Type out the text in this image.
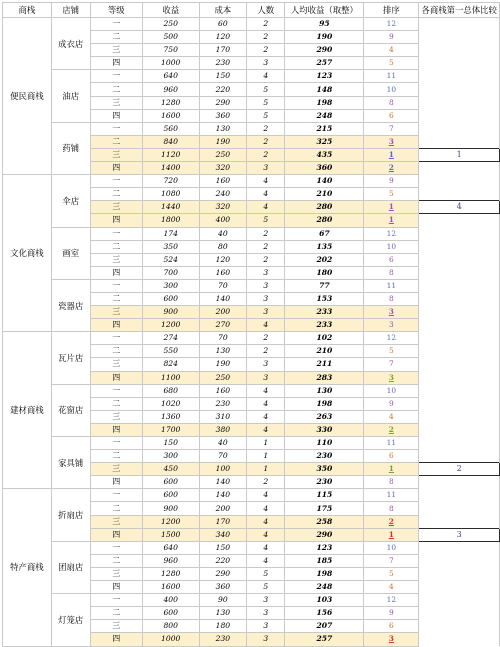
商栈	店铺	等级	收益	成本	人数	人均收益（取整）	排序	各商栈第一总体比较
便民商栈	成衣店	一	250	60	2	95	12	
		二	500	120	2	190	9	
		三	750	170	2	290	4	
		四	1000	230	3	257	5	
	油店	一	640	150	4	123	11	
		二	960	220	5	148	10	
		三	1280	290	5	198	8	
		四	1600	360	5	248	6	
	药铺	一	560	130	2	215	7	
		二	840	190	2	325	3	
		三	1120	250	2	435	1	1
		四	1400	320	3	360	2	
文化商栈	伞店	一	720	160	4	140	9	
		二	1080	240	4	210	5	
		三	1440	320	4	280	1	4
		四	1800	400	5	280	1	
	画室	一	174	40	2	67	12	
		二	350	80	2	135	10	
		三	524	120	2	202	6	
		四	700	160	3	180	8	
	瓷器店	一	300	70	3	77	11	
		二	600	140	3	153	8	
		三	900	200	3	233	3	
		四	1200	270	4	233	3	
建材商栈	瓦片店	一	274	70	2	102	12	
		二	550	130	2	210	5	
		三	824	190	3	211	7	
		四	1100	250	3	283	3	
	花窗店	一	680	160	4	130	10	
		二	1020	230	4	198	9	
		三	1360	310	4	263	4	
		四	1700	380	4	330	2	
	家具铺	一	150	40	1	110	11	
		二	300	70	1	230	6	
		三	450	100	1	350	1	2
		四	600	140	2	230	8	
特产商栈	折扇店	一	600	140	4	115	11	
		二	900	200	4	175	8	
		三	1200	170	4	258	2	
		四	1500	340	4	290	1	3
	团扇店	一	640	150	4	123	10	
		二	960	220	4	185	7	
		三	1280	290	5	198	5	
		四	1600	360	5	248	4	
	灯笼店	一	400	90	3	103	12	
		二	600	130	3	156	9	
		三	800	180	3	207	6	
		四	1000	230	3	257	3	
